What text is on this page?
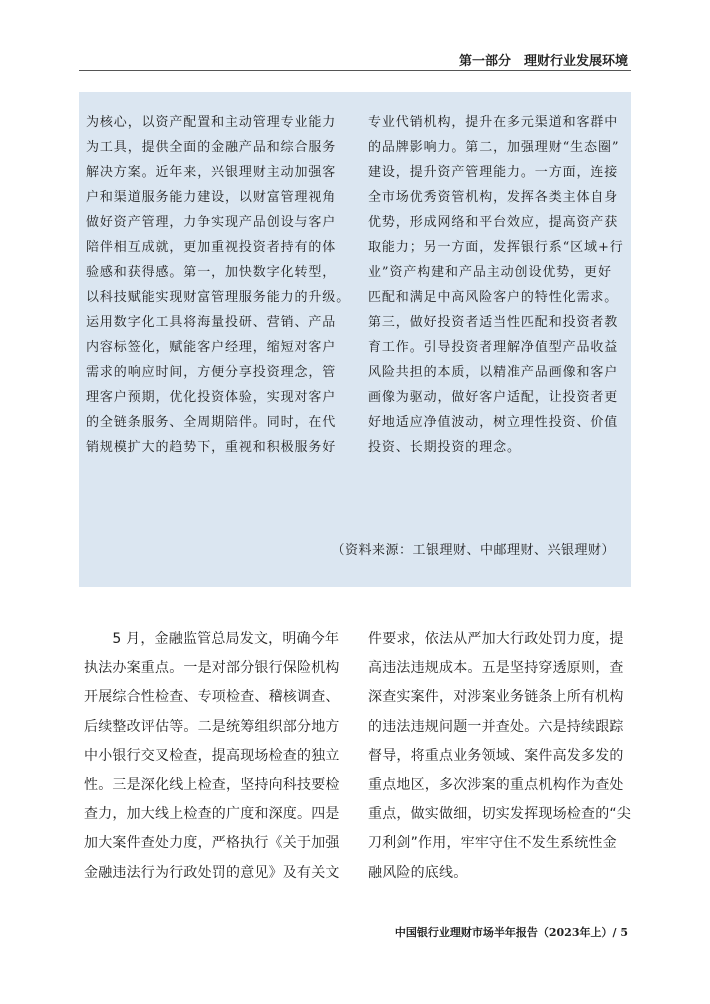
第一部分　理财行业发展环境
为核心，以资产配置和主动管理专业能力
为工具，提供全面的金融产品和综合服务
解决方案。近年来，兴银理财主动加强客
户和渠道服务能力建设，以财富管理视角
做好资产管理，力争实现产品创设与客户
陪伴相互成就，更加重视投资者持有的体
验感和获得感。第一，加快数字化转型，
以科技赋能实现财富管理服务能力的升级。
运用数字化工具将海量投研、营销、产品
内容标签化，赋能客户经理，缩短对客户
需求的响应时间，方便分享投资理念，管
理客户预期，优化投资体验，实现对客户
的全链条服务、全周期陪伴。同时，在代
销规模扩大的趋势下，重视和积极服务好
专业代销机构，提升在多元渠道和客群中
的品牌影响力。第二，加强理财“生态圈”
建设，提升资产管理能力。一方面，连接
全市场优秀资管机构，发挥各类主体自身
优势，形成网络和平台效应，提高资产获
取能力；另一方面，发挥银行系“区域+行
业”资产构建和产品主动创设优势，更好
匹配和满足中高风险客户的特性化需求。
第三，做好投资者适当性匹配和投资者教
育工作。引导投资者理解净值型产品收益
风险共担的本质，以精准产品画像和客户
画像为驱动，做好客户适配，让投资者更
好地适应净值波动，树立理性投资、价值
投资、长期投资的理念。
（资料来源：工银理财、中邮理财、兴银理财）
　　5 月，金融监管总局发文，明确今年
执法办案重点。一是对部分银行保险机构
开展综合性检查、专项检查、稽核调查、
后续整改评估等。二是统筹组织部分地方
中小银行交叉检查，提高现场检查的独立
性。三是深化线上检查，坚持向科技要检
查力，加大线上检查的广度和深度。四是
加大案件查处力度，严格执行《关于加强
金融违法行为行政处罚的意见》及有关文
件要求，依法从严加大行政处罚力度，提
高违法违规成本。五是坚持穿透原则，查
深查实案件，对涉案业务链条上所有机构
的违法违规问题一并查处。六是持续跟踪
督导，将重点业务领域、案件高发多发的
重点地区，多次涉案的重点机构作为查处
重点，做实做细，切实发挥现场检查的“尖
刀利剑”作用，牢牢守住不发生系统性金
融风险的底线。
中国银行业理财市场半年报告（2023年上）/ 5
